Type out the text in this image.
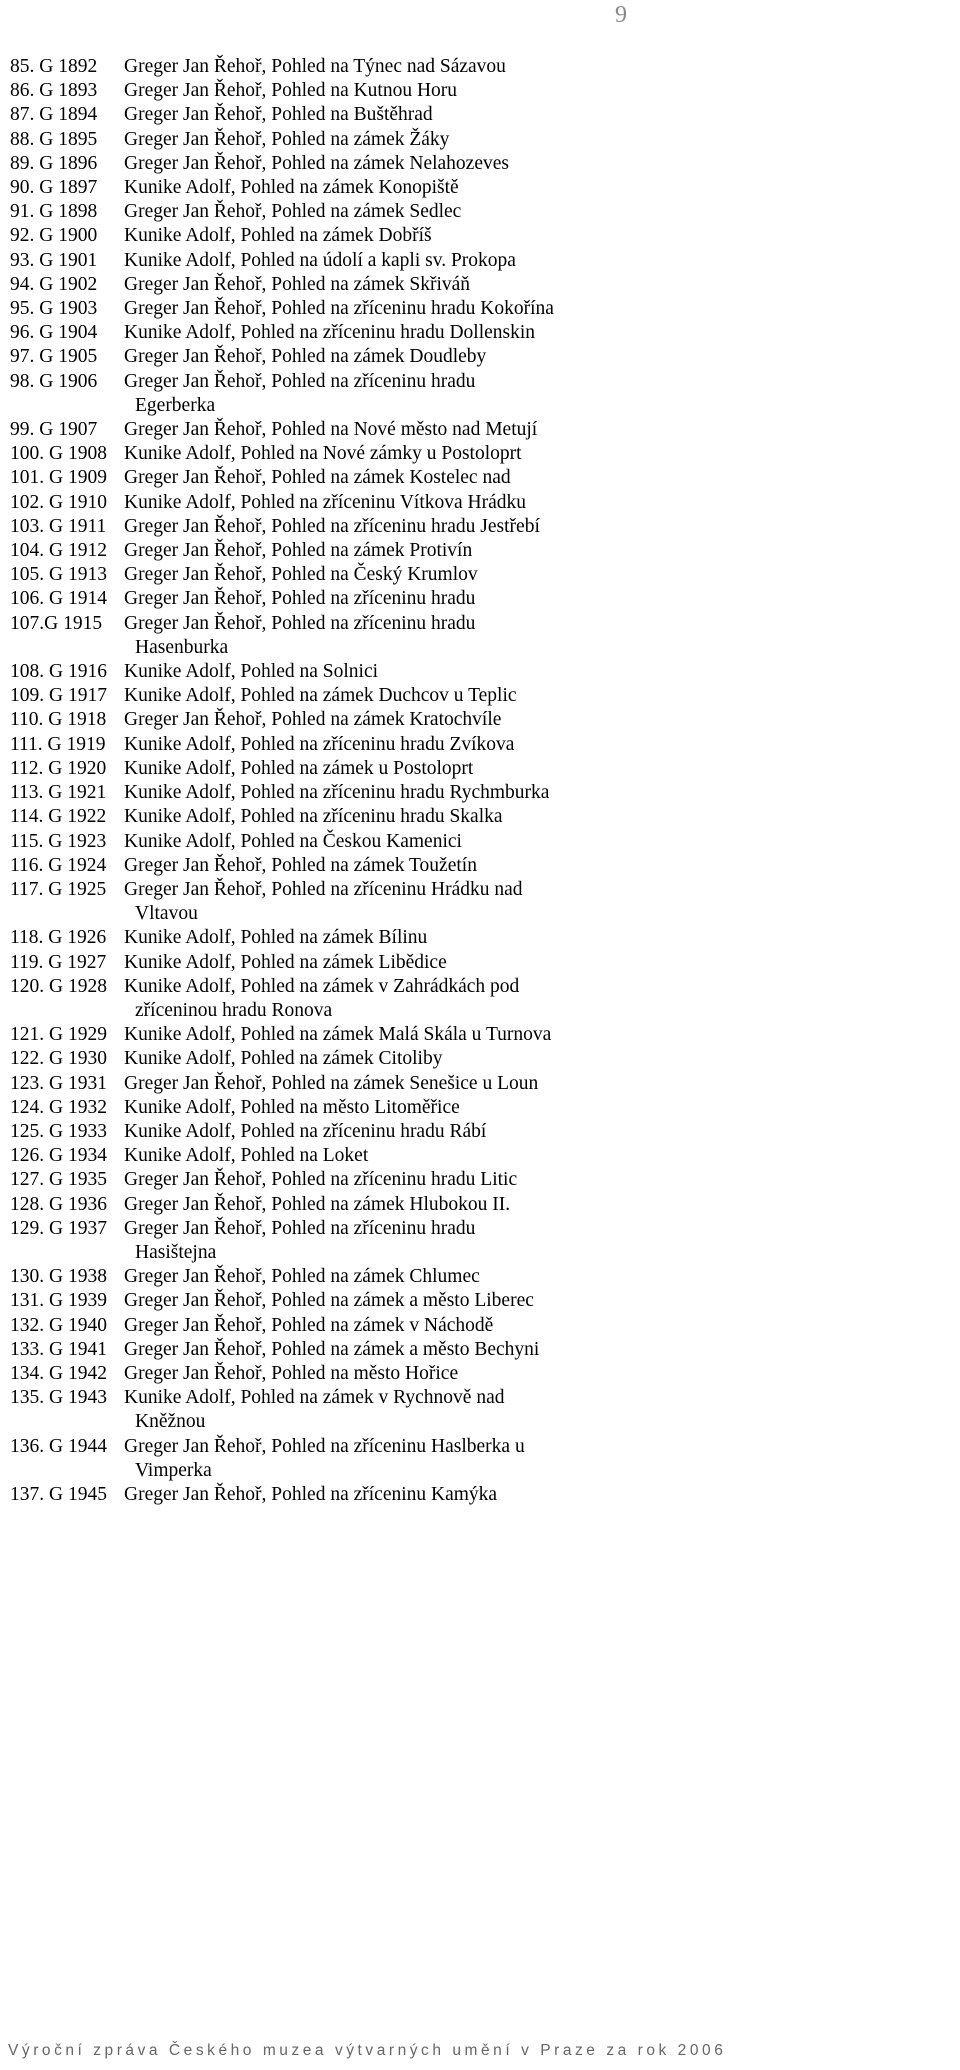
9
85. G 1892	Greger Jan Řehoř, Pohled na Týnec nad Sázavou
86. G 1893	Greger Jan Řehoř, Pohled na Kutnou Horu
87. G 1894	Greger Jan Řehoř, Pohled na Buštěhrad
88. G 1895	Greger Jan Řehoř, Pohled na zámek Žáky
89. G 1896	Greger Jan Řehoř, Pohled na zámek Nelahozeves
90. G 1897	Kunike Adolf, Pohled na zámek Konopiště
91. G 1898	Greger Jan Řehoř, Pohled na zámek Sedlec
92. G 1900	Kunike Adolf, Pohled na zámek Dobříš
93. G 1901	Kunike Adolf, Pohled na údolí a kapli sv. Prokopa
94. G 1902	Greger Jan Řehoř, Pohled na zámek Skřiváň
95. G 1903	Greger Jan Řehoř, Pohled na zříceninu hradu Kokořína
96. G 1904	Kunike Adolf, Pohled na zříceninu hradu Dollenskin
97. G 1905	Greger Jan Řehoř, Pohled na zámek Doudleby
98. G 1906	Greger Jan Řehoř, Pohled na zříceninu hradu
Egerberka
99. G 1907	Greger Jan Řehoř, Pohled na Nové město nad Metují
100. G 1908 Kunike Adolf, Pohled na Nové zámky u Postoloprt
101. G 1909 Greger Jan Řehoř, Pohled na zámek Kostelec nad
102. G 1910 Kunike Adolf, Pohled na zříceninu Vítkova Hrádku
103. G 1911 Greger Jan Řehoř, Pohled na zříceninu hradu Jestřebí
104. G 1912 Greger Jan Řehoř, Pohled na zámek Protivín
105. G 1913 Greger Jan Řehoř, Pohled na Český Krumlov
106. G 1914 Greger Jan Řehoř, Pohled na zříceninu hradu
107.G 1915	Greger Jan Řehoř, Pohled na zříceninu hradu
Hasenburka
108. G 1916 Kunike Adolf, Pohled na Solnici
109. G 1917 Kunike Adolf, Pohled na zámek Duchcov u Teplic
110. G 1918 Greger Jan Řehoř, Pohled na zámek Kratochvíle
111. G 1919 Kunike Adolf, Pohled na zříceninu hradu Zvíkova
112. G 1920 Kunike Adolf, Pohled na zámek u Postoloprt
113. G 1921 Kunike Adolf, Pohled na zříceninu hradu Rychmburka
114. G 1922 Kunike Adolf, Pohled na zříceninu hradu Skalka
115. G 1923 Kunike Adolf, Pohled na Českou Kamenici
116. G 1924 Greger Jan Řehoř, Pohled na zámek Toužetín
117. G 1925 Greger Jan Řehoř, Pohled na zříceninu Hrádku nad
Vltavou
118. G 1926 Kunike Adolf, Pohled na zámek Bílinu
119. G 1927 Kunike Adolf, Pohled na zámek Libědice
120. G 1928 Kunike Adolf, Pohled na zámek v Zahrádkách pod
zříceninou hradu Ronova
121. G 1929 Kunike Adolf, Pohled na zámek Malá Skála u Turnova
122. G 1930 Kunike Adolf, Pohled na zámek Citoliby
123. G 1931 Greger Jan Řehoř, Pohled na zámek Senešice u Loun
124. G 1932 Kunike Adolf, Pohled na město Litoměřice
125. G 1933 Kunike Adolf, Pohled na zříceninu hradu Rábí
126. G 1934 Kunike Adolf, Pohled na Loket
127. G 1935 Greger Jan Řehoř, Pohled na zříceninu hradu Litic
128. G 1936 Greger Jan Řehoř, Pohled na zámek Hlubokou II.
129. G 1937 Greger Jan Řehoř, Pohled na zříceninu hradu
Hasištejna
130. G 1938 Greger Jan Řehoř, Pohled na zámek Chlumec
131. G 1939 Greger Jan Řehoř, Pohled na zámek a město Liberec
132. G 1940 Greger Jan Řehoř, Pohled na zámek v Náchodě
133. G 1941 Greger Jan Řehoř, Pohled na zámek a město Bechyni
134. G 1942 Greger Jan Řehoř, Pohled na město Hořice
135. G 1943 Kunike Adolf, Pohled na zámek v Rychnově nad
Kněžnou
136. G 1944 Greger Jan Řehoř, Pohled na zříceninu Haslberka u
Vimperka
137. G 1945 Greger Jan Řehoř, Pohled na zříceninu Kamýka
Výroční zpráva Českého muzea výtvarných umění v Praze za rok 2006
